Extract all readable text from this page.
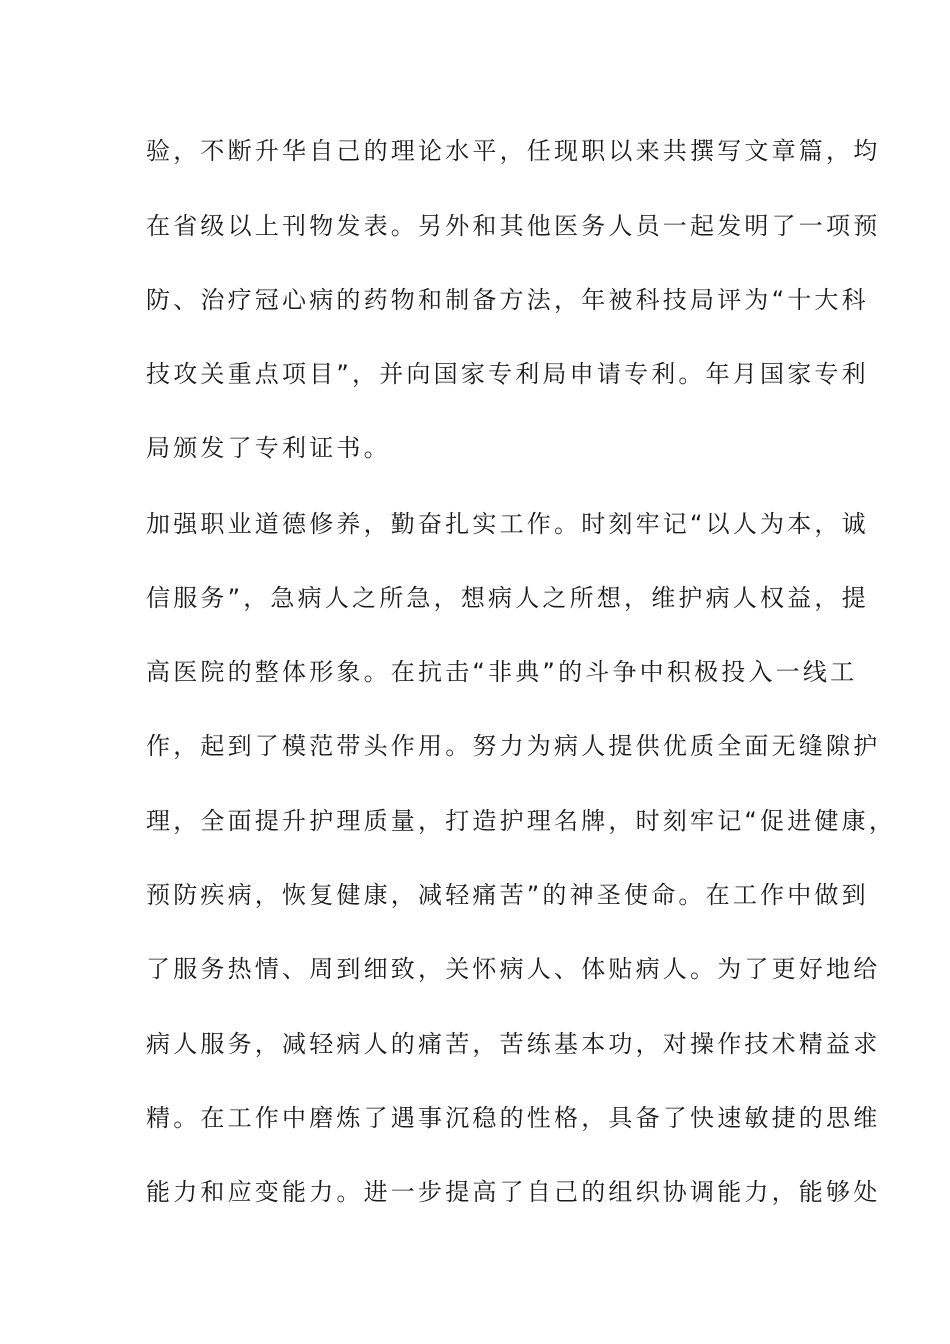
验，不断升华自己的理论水平，任现职以来共撰写文章篇，均
在省级以上刊物发表。另外和其他医务人员一起发明了一项预
防、治疗冠心病的药物和制备方法，年被科技局评为“十大科
技攻关重点项目”，并向国家专利局申请专利。年月国家专利
局颁发了专利证书。
加强职业道德修养，勤奋扎实工作。时刻牢记“以人为本，诚
信服务”，急病人之所急，想病人之所想，维护病人权益，提
高医院的整体形象。在抗击“非典”的斗争中积极投入一线工
作，起到了模范带头作用。努力为病人提供优质全面无缝隙护
理，全面提升护理质量，打造护理名牌，时刻牢记“促进健康，
预防疾病，恢复健康，减轻痛苦”的神圣使命。在工作中做到
了服务热情、周到细致，关怀病人、体贴病人。为了更好地给
病人服务，减轻病人的痛苦，苦练基本功，对操作技术精益求
精。在工作中磨炼了遇事沉稳的性格，具备了快速敏捷的思维
能力和应变能力。进一步提高了自己的组织协调能力，能够处
